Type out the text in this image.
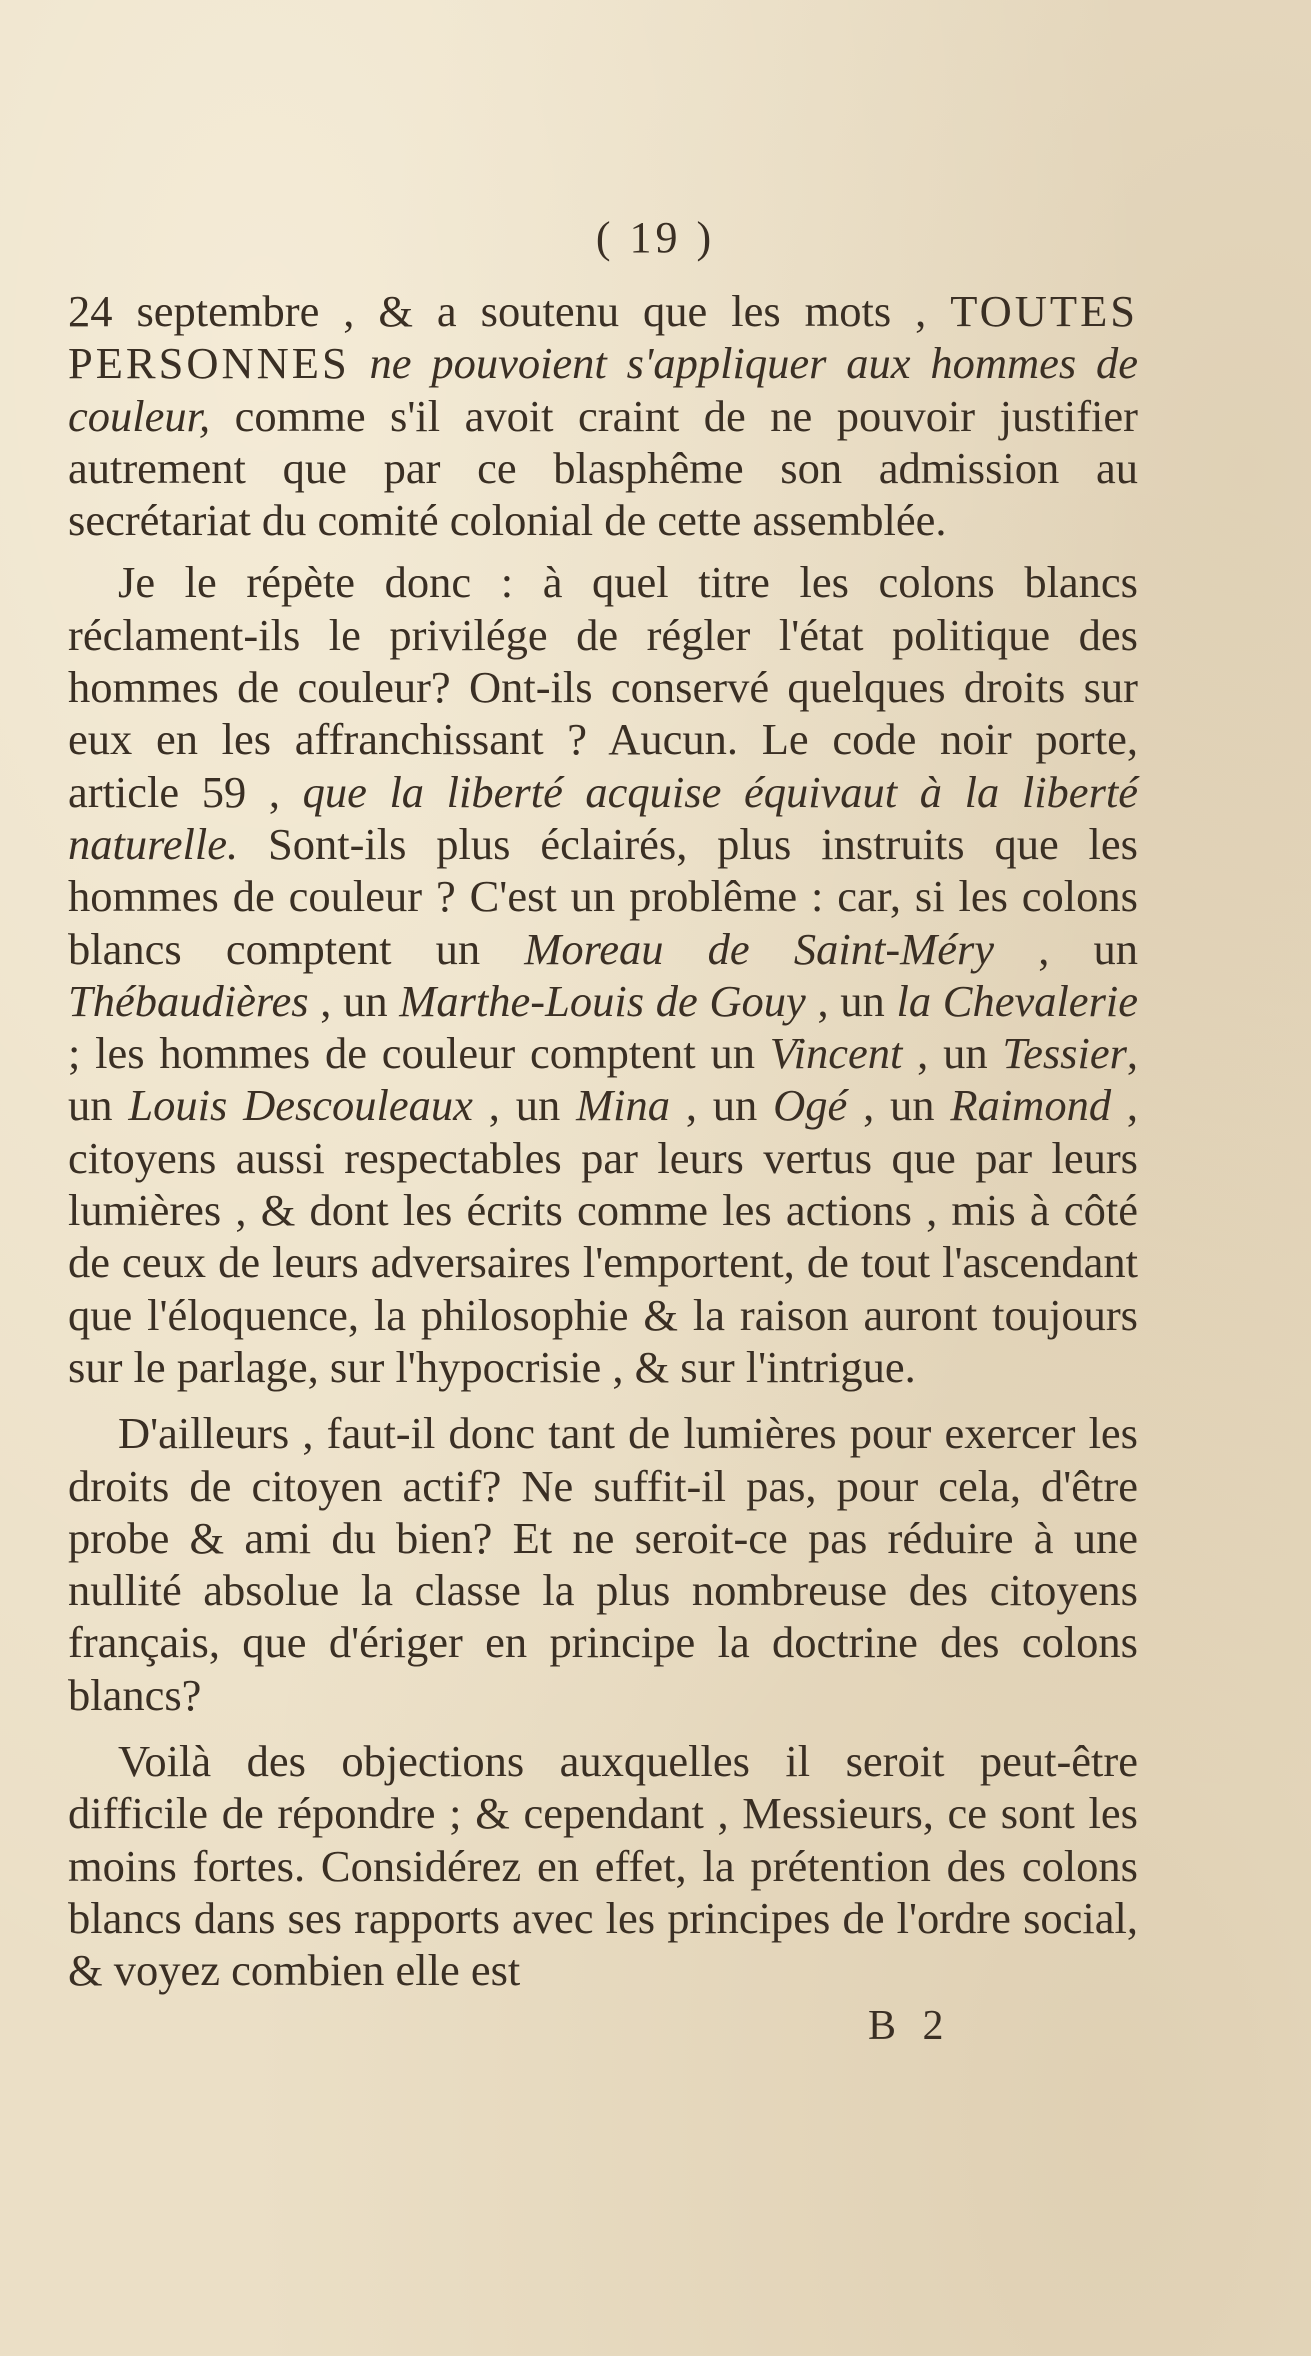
( 19 )

24 septembre , & a soutenu que les mots , TOUTES PERSONNES ne pouvoient s'appliquer aux hommes de couleur, comme s'il avoit craint de ne pouvoir justifier autrement que par ce blasphême son admission au secrétariat du comité colonial de cette assemblée.

Je le répète donc : à quel titre les colons blancs réclament-ils le privilége de régler l'état politique des hommes de couleur? Ont-ils conservé quelques droits sur eux en les affranchissant ? Aucun. Le code noir porte, article 59 , que la liberté acquise équivaut à la liberté naturelle. Sont-ils plus éclairés, plus instruits que les hommes de couleur ? C'est un problême : car, si les colons blancs comptent un Moreau de Saint-Méry , un Thébaudières , un Marthe-Louis de Gouy , un la Chevalerie ; les hommes de couleur comptent un Vincent , un Tessier, un Louis Descouleaux , un Mina , un Ogé , un Raimond , citoyens aussi respectables par leurs vertus que par leurs lumières , & dont les écrits comme les actions , mis à côté de ceux de leurs adversaires l'emportent, de tout l'ascendant que l'éloquence, la philosophie & la raison auront toujours sur le parlage, sur l'hypocrisie , & sur l'intrigue.

D'ailleurs , faut-il donc tant de lumières pour exercer les droits de citoyen actif? Ne suffit-il pas, pour cela, d'être probe & ami du bien? Et ne seroit-ce pas réduire à une nullité absolue la classe la plus nombreuse des citoyens français, que d'ériger en principe la doctrine des colons blancs?

Voilà des objections auxquelles il seroit peut-être difficile de répondre ; & cependant , Messieurs, ce sont les moins fortes. Considérez en effet, la prétention des colons blancs dans ses rapports avec les principes de l'ordre social, & voyez combien elle est

B 2
